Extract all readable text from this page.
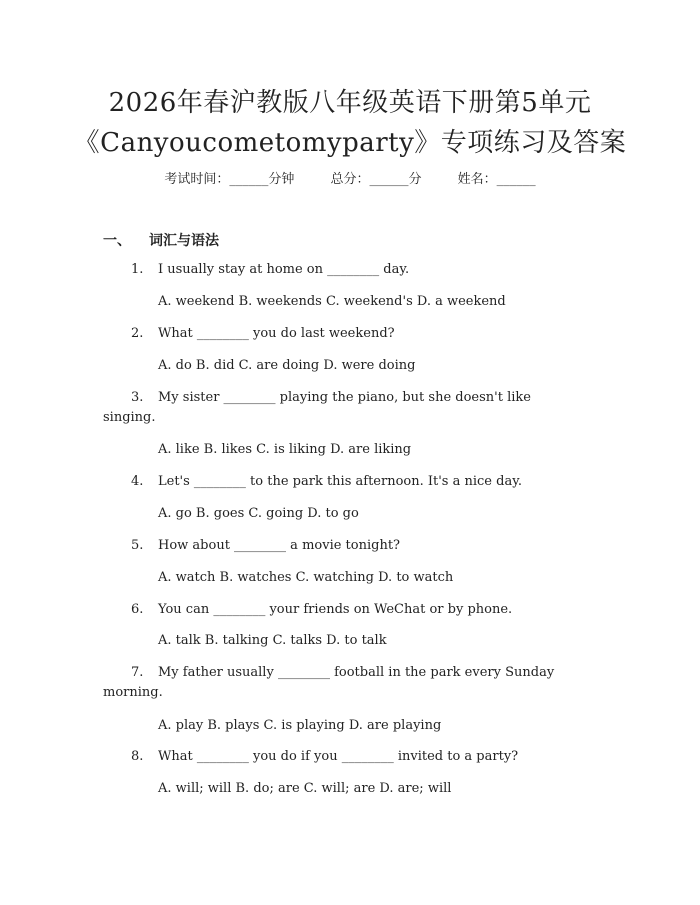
2026年春沪教版八年级英语下册第5单元
《Canyoucometomyparty》专项练习及答案
考试时间：______分钟	总分：______分	姓名：______
一、 词汇与语法
1. I usually stay at home on ________ day.
A. weekend B. weekends C. weekend's D. a weekend
2. What ________ you do last weekend?
A. do B. did C. are doing D. were doing
3. My sister ________ playing the piano, but she doesn't like
singing.
A. like B. likes C. is liking D. are liking
4. Let's ________ to the park this afternoon. It's a nice day.
A. go B. goes C. going D. to go
5. How about ________ a movie tonight?
A. watch B. watches C. watching D. to watch
6. You can ________ your friends on WeChat or by phone.
A. talk B. talking C. talks D. to talk
7. My father usually ________ football in the park every Sunday
morning.
A. play B. plays C. is playing D. are playing
8. What ________ you do if you ________ invited to a party?
A. will; will B. do; are C. will; are D. are; will
